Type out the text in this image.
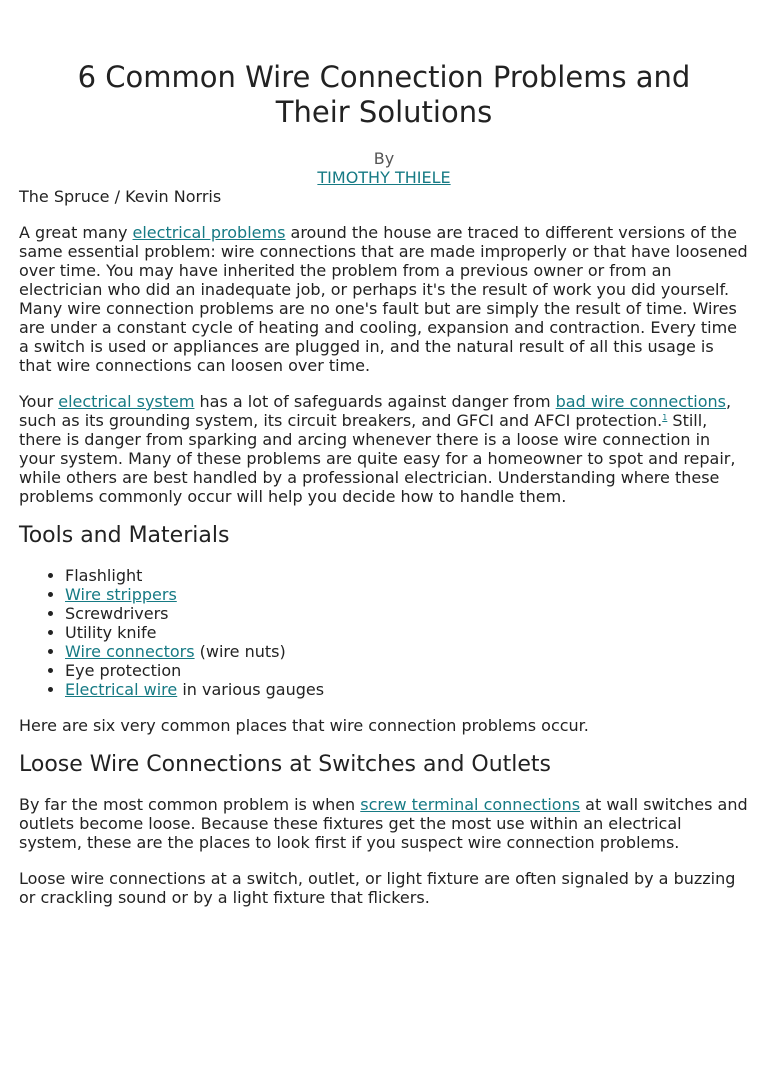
6 Common Wire Connection Problems and Their Solutions
By
TIMOTHY THIELE
The Spruce / Kevin Norris

A great many electrical problems around the house are traced to different versions of the same essential problem: wire connections that are made improperly or that have loosened over time. You may have inherited the problem from a previous owner or from an electrician who did an inadequate job, or perhaps it's the result of work you did yourself. Many wire connection problems are no one's fault but are simply the result of time. Wires are under a constant cycle of heating and cooling, expansion and contraction. Every time a switch is used or appliances are plugged in, and the natural result of all this usage is that wire connections can loosen over time.

Your electrical system has a lot of safeguards against danger from bad wire connections, such as its grounding system, its circuit breakers, and GFCI and AFCI protection.$^1$ Still, there is danger from sparking and arcing whenever there is a loose wire connection in your system. Many of these problems are quite easy for a homeowner to spot and repair, while others are best handled by a professional electrician. Understanding where these problems commonly occur will help you decide how to handle them.

Tools and Materials
• Flashlight
• Wire strippers
• Screwdrivers
• Utility knife
• Wire connectors (wire nuts)
• Eye protection
• Electrical wire in various gauges

Here are six very common places that wire connection problems occur.

Loose Wire Connections at Switches and Outlets

By far the most common problem is when screw terminal connections at wall switches and outlets become loose. Because these fixtures get the most use within an electrical system, these are the places to look first if you suspect wire connection problems.

Loose wire connections at a switch, outlet, or light fixture are often signaled by a buzzing or crackling sound or by a light fixture that flickers.
